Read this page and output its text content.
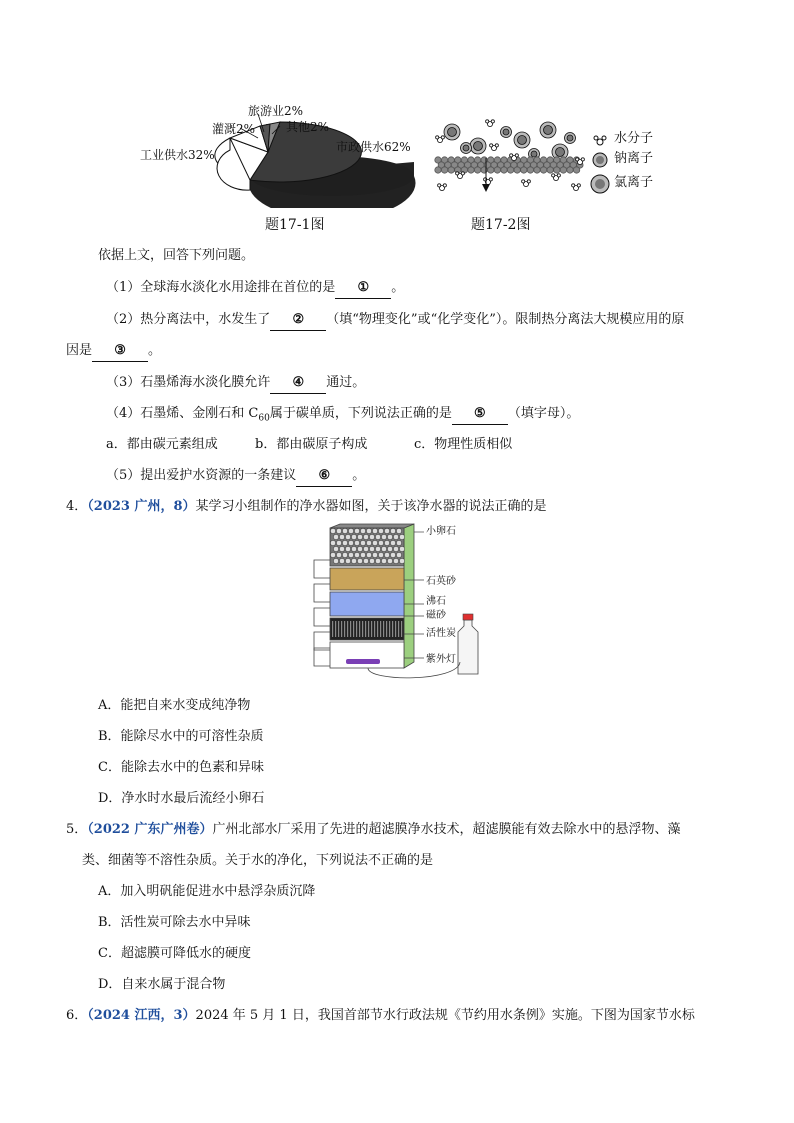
旅游业2%
灌溉2%	其他2%
工业供水32%
市政供水62%
题17-1图
水分子
钠离子
氯离子
题17-2图
依据上文，回答下列问题。
（1）全球海水淡化水用途排在首位的是 ① 。
（2）热分离法中，水发生了 ② （填“物理变化”或“化学变化”）。限制热分离法大规模应用的原
因是 ③ 。
（3）石墨烯海水淡化膜允许 ④ 通过。
（4）石墨烯、金刚石和 $C_{60}$属于碳单质，下列说法正确的是 ⑤ （填字母）。
a．都由碳元素组成	b．都由碳原子构成	c．物理性质相似
（5）提出爱护水资源的一条建议 ⑥ 。
4．（2023 广州，8）某学习小组制作的净水器如图，关于该净水器的说法正确的是
小卵石
石英砂
沸石
磁砂
活性炭
紫外灯
A．能把自来水变成纯净物
B．能除尽水中的可溶性杂质
C．能除去水中的色素和异味
D．净水时水最后流经小卵石
5．（2022 广东广州卷）广州北部水厂采用了先进的超滤膜净水技术，超滤膜能有效去除水中的悬浮物、藻
类、细菌等不溶性杂质。关于水的净化，下列说法不正确的是
A．加入明矾能促进水中悬浮杂质沉降
B．活性炭可除去水中异味
C．超滤膜可降低水的硬度
D．自来水属于混合物
6．（2024 江西，3）2024 年 5 月 1 日，我国首部节水行政法规《节约用水条例》实施。下图为国家节水标
